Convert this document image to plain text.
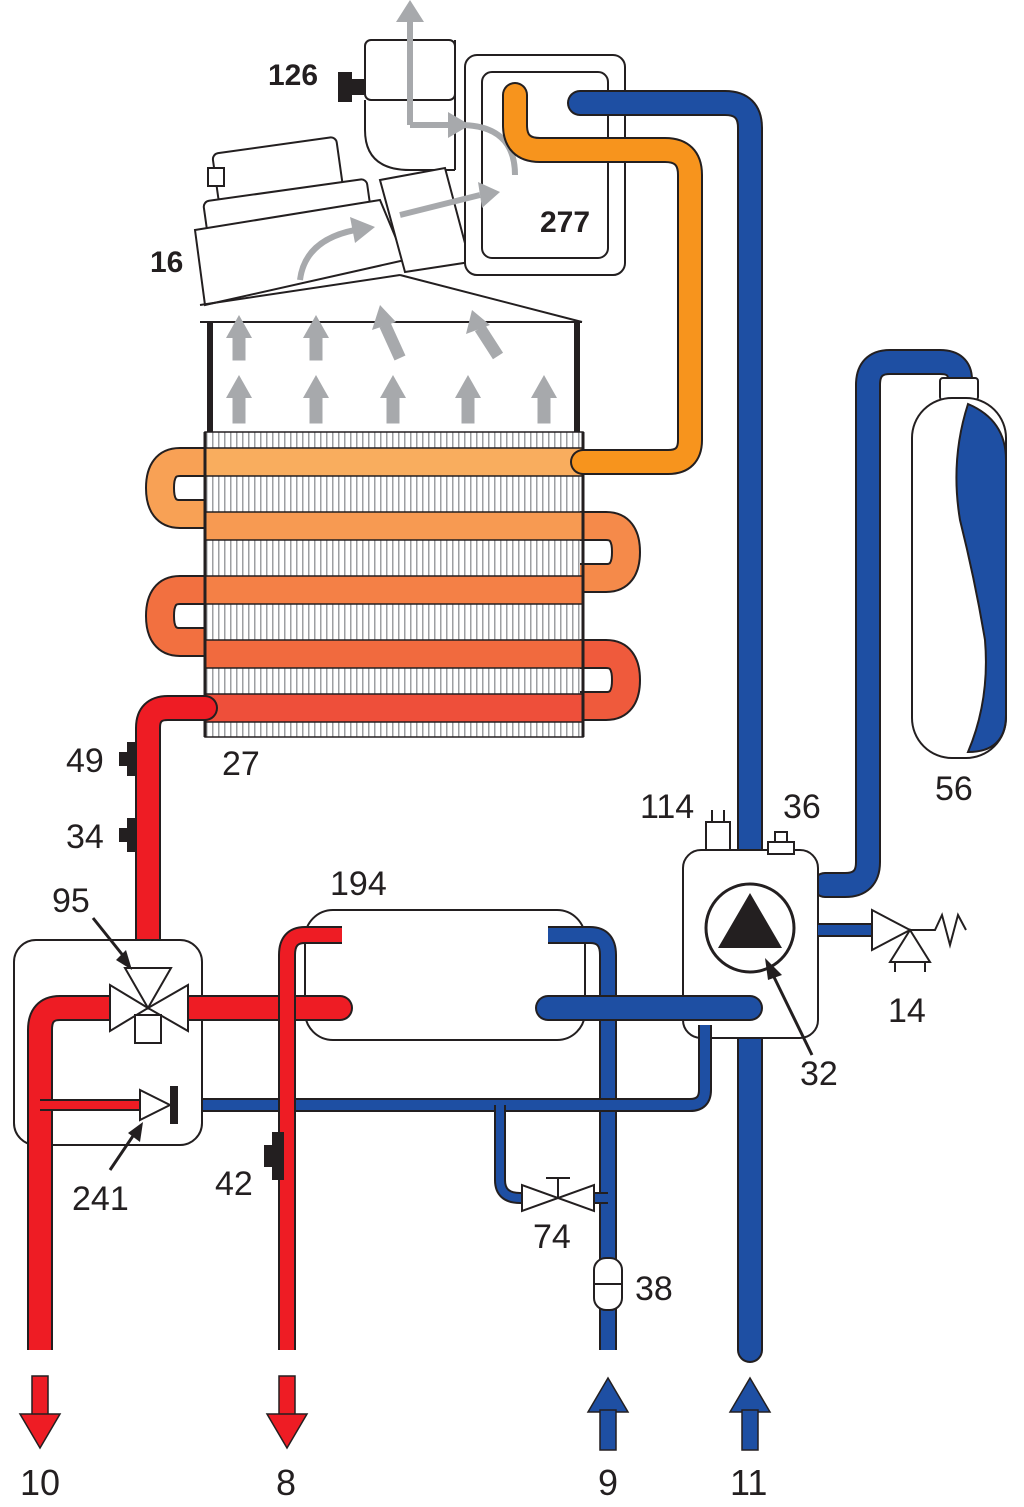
126
16
277
27
56
114	36
14
194
74
38
32
42
95
241
49
34
10	8	9	11
